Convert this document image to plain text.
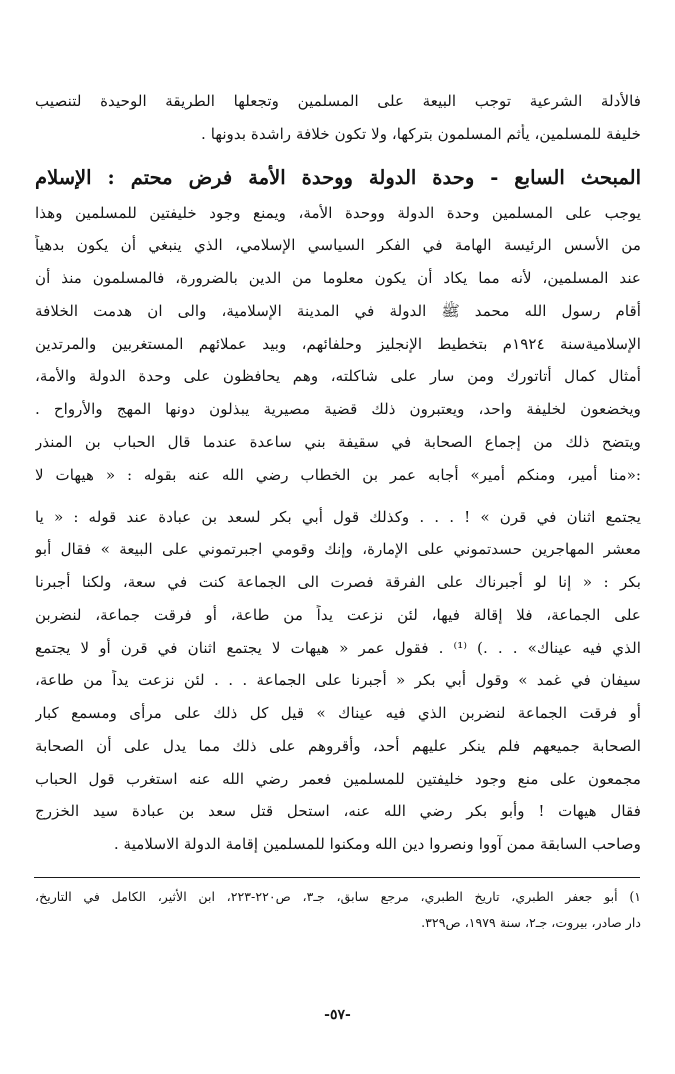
فالأدلة الشرعية توجب البيعة على المسلمين وتجعلها الطريقة الوحيدة لتنصيب
خليفة للمسلمين، يأثم المسلمون بتركها، ولا تكون خلافة راشدة بدونها .
المبحث السابع - وحدة الدولة ووحدة الأمة فرض محتم : الإسلام
يوجب على المسلمين وحدة الدولة ووحدة الأمة، ويمنع وجود خليفتين للمسلمين وهذا
من الأسس الرئيسة الهامة في الفكر السياسي الإسلامي، الذي ينبغي أن يكون بدهياً
عند المسلمين، لأنه مما يكاد أن يكون معلوما من الدين بالضرورة، فالمسلمون منذ أن
أقام رسول الله محمد ﷺ الدولة في المدينة الإسلامية، والى ان هدمت الخلافة
الإسلاميةسنة ١٩٢٤م بتخطيط الإنجليز وحلفائهم، وبيد عملائهم المستغربين والمرتدين
أمثال كمال أتاتورك ومن سار على شاكلته، وهم يحافظون على وحدة الدولة والأمة،
ويخضعون لخليفة واحد، ويعتبرون ذلك قضية مصيرية يبذلون دونها المهج والأرواح .
ويتضح ذلك من إجماع الصحابة في سقيفة بني ساعدة عندما قال الحباب بن المنذر
:«منا أمير، ومنكم أمير» أجابه عمر بن الخطاب رضي الله عنه بقوله : « هيهات لا
يجتمع اثنان في قرن » ! . . . وكذلك قول أبي بكر لسعد بن عبادة عند قوله : « يا
معشر المهاجرين حسدتموني على الإمارة، وإنك وقومي اجبرتموني على البيعة » فقال أبو
بكر : « إنا لو أجبرناك على الفرقة فصرت الى الجماعة كنت في سعة، ولكنا أجبرنا
على الجماعة، فلا إقالة فيها، لئن نزعت يداً من طاعة، أو فرقت جماعة، لنضربن
الذي فيه عيناك» . . .) ⁽¹⁾ . فقول عمر « هيهات لا يجتمع اثنان في قرن أو لا يجتمع
سيفان في غمد » وقول أبي بكر « أجبرنا على الجماعة . . . لئن نزعت يداً من طاعة،
أو فرقت الجماعة لنضربن الذي فيه عيناك » قيل كل ذلك على مرأى ومسمع كبار
الصحابة جميعهم فلم ينكر عليهم أحد، وأقروهم على ذلك مما يدل على أن الصحابة
مجمعون على منع وجود خليفتين للمسلمين فعمر رضي الله عنه استغرب قول الحباب
فقال هيهات ! وأبو بكر رضي الله عنه، استحل قتل سعد بن عبادة سيد الخزرج
وصاحب السابقة ممن آووا ونصروا دين الله ومكنوا للمسلمين إقامة الدولة الاسلامية .
١) أبو جعفر الطبري، تاريخ الطبري، مرجع سابق، جـ٣، ص٢٢٠-٢٢٣، ابن الأثير، الكامل في التاريخ،
دار صادر، بيروت، جـ٢، سنة ١٩٧٩، ص٣٢٩.
-٥٧-
